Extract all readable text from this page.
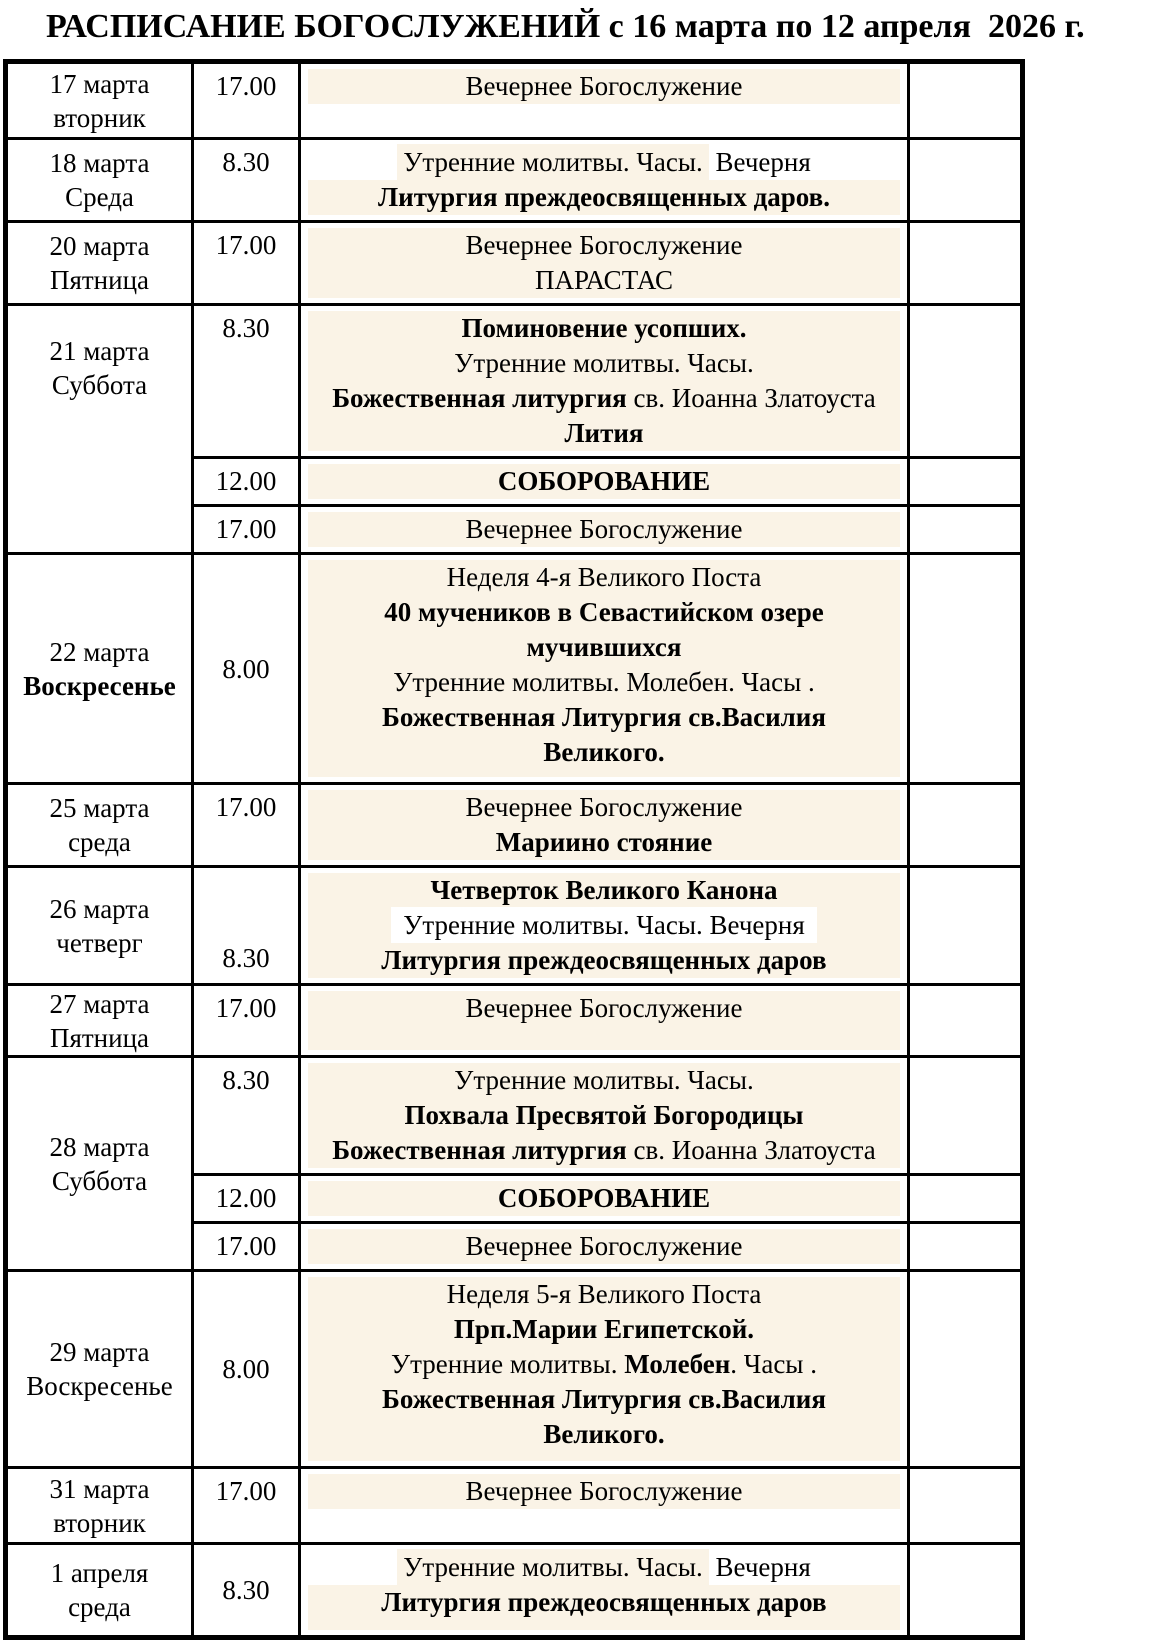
РАСПИСАНИЕ БОГОСЛУЖЕНИЙ с 16 марта по 12 апреля  2026 г.
17 марта
вторник	17.00	Вечернее Богослужение	

18 марта
Среда
	8.30	Утренние молитвы. Часы. Вечерня
Литургия преждеосвященных даров.

20 марта
Пятница
	17.00	Вечернее Богослужение
ПАРАСТАС

21 марта
Суббота
	8.30	Поминовение усопших.
Утренние молитвы. Часы.
Божественная литургия св. Иоанна Златоуста
Лития

	12.00	СОБОРОВАНИЕ	

	17.00	Вечернее Богослужение	

22 марта
Воскресенье
	8.00	
Неделя 4-я Великого Поста
40 мучеников в Севастийском озере
мучившихся
Утренние молитвы. Молебен. Часы .
Божественная Литургия св.Василия
Великого.

25 марта
среда
	17.00	Вечернее Богослужение
Мариино стояние

26 марта
четверг
	8.30	
Четверток Великого Канона
Утренние молитвы. Часы. Вечерня
Литургия преждеосвященных даров

27 марта
Пятница	17.00	Вечернее Богослужение	

28 марта
Суббота
	8.30	Утренние молитвы. Часы.
Похвала Пресвятой Богородицы
Божественная литургия св. Иоанна Златоуста

	12.00	СОБОРОВАНИЕ	

	17.00	Вечернее Богослужение	

29 марта
Воскресенье
	8.00	
Неделя 5-я Великого Поста
Прп.Марии Египетской.
Утренние молитвы. Молебен. Часы .
Божественная Литургия св.Василия
Великого.

31 марта
вторник	17.00	Вечернее Богослужение	

1 апреля
среда
	8.30	
Утренние молитвы. Часы. Вечерня
Литургия преждеосвященных даров
